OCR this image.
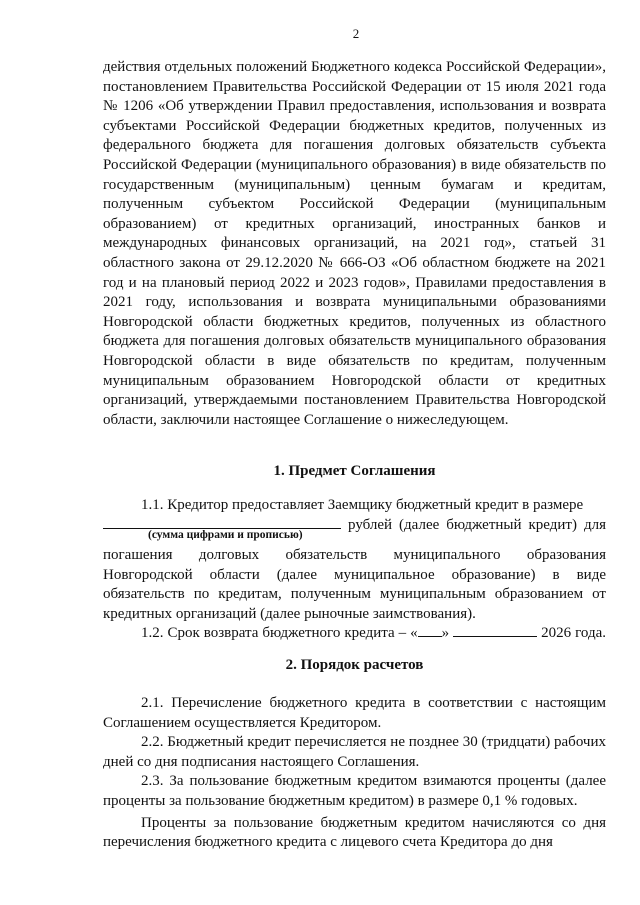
2

действия отдельных положений Бюджетного кодекса Российской Федерации», постановлением Правительства Российской Федерации от 15 июля 2021 года № 1206 «Об утверждении Правил предоставления, использования и возврата субъектами Российской Федерации бюджетных кредитов, полученных из федерального бюджета для погашения долговых обязательств субъекта Российской Федерации (муниципального образования) в виде обязательств по государственным (муниципальным) ценным бумагам и кредитам, полученным субъектом Российской Федерации (муниципальным образованием) от кредитных организаций, иностранных банков и международных финансовых организаций, на 2021 год», статьей 31 областного закона от 29.12.2020 № 666-ОЗ «Об областном бюджете на 2021 год и на плановый период 2022 и 2023 годов», Правилами предоставления в 2021 году, использования и возврата муниципальными образованиями Новгородской области бюджетных кредитов, полученных из областного бюджета для погашения долговых обязательств муниципального образования Новгородской области в виде обязательств по кредитам, полученным муниципальным образованием Новгородской области от кредитных организаций, утверждаемыми постановлением Правительства Новгородской области, заключили настоящее Соглашение о нижеследующем.

1. Предмет Соглашения

1.1. Кредитор предоставляет Заемщику бюджетный кредит в размере
рублей (далее бюджетный кредит) для
(сумма цифрами и прописью)

погашения долговых обязательств муниципального образования Новгородской области (далее муниципальное образование) в виде обязательств по кредитам, полученным муниципальным образованием от кредитных организаций (далее рыночные заимствования).

1.2. Срок возврата бюджетного кредита – « »	2026 года.

2. Порядок расчетов

2.1. Перечисление бюджетного кредита в соответствии с настоящим Соглашением осуществляется Кредитором.

2.2. Бюджетный кредит перечисляется не позднее 30 (тридцати) рабочих дней со дня подписания настоящего Соглашения.

2.3. За пользование бюджетным кредитом взимаются проценты (далее проценты за пользование бюджетным кредитом) в размере 0,1 % годовых.

Проценты за пользование бюджетным кредитом начисляются со дня перечисления бюджетного кредита с лицевого счета Кредитора до дня
